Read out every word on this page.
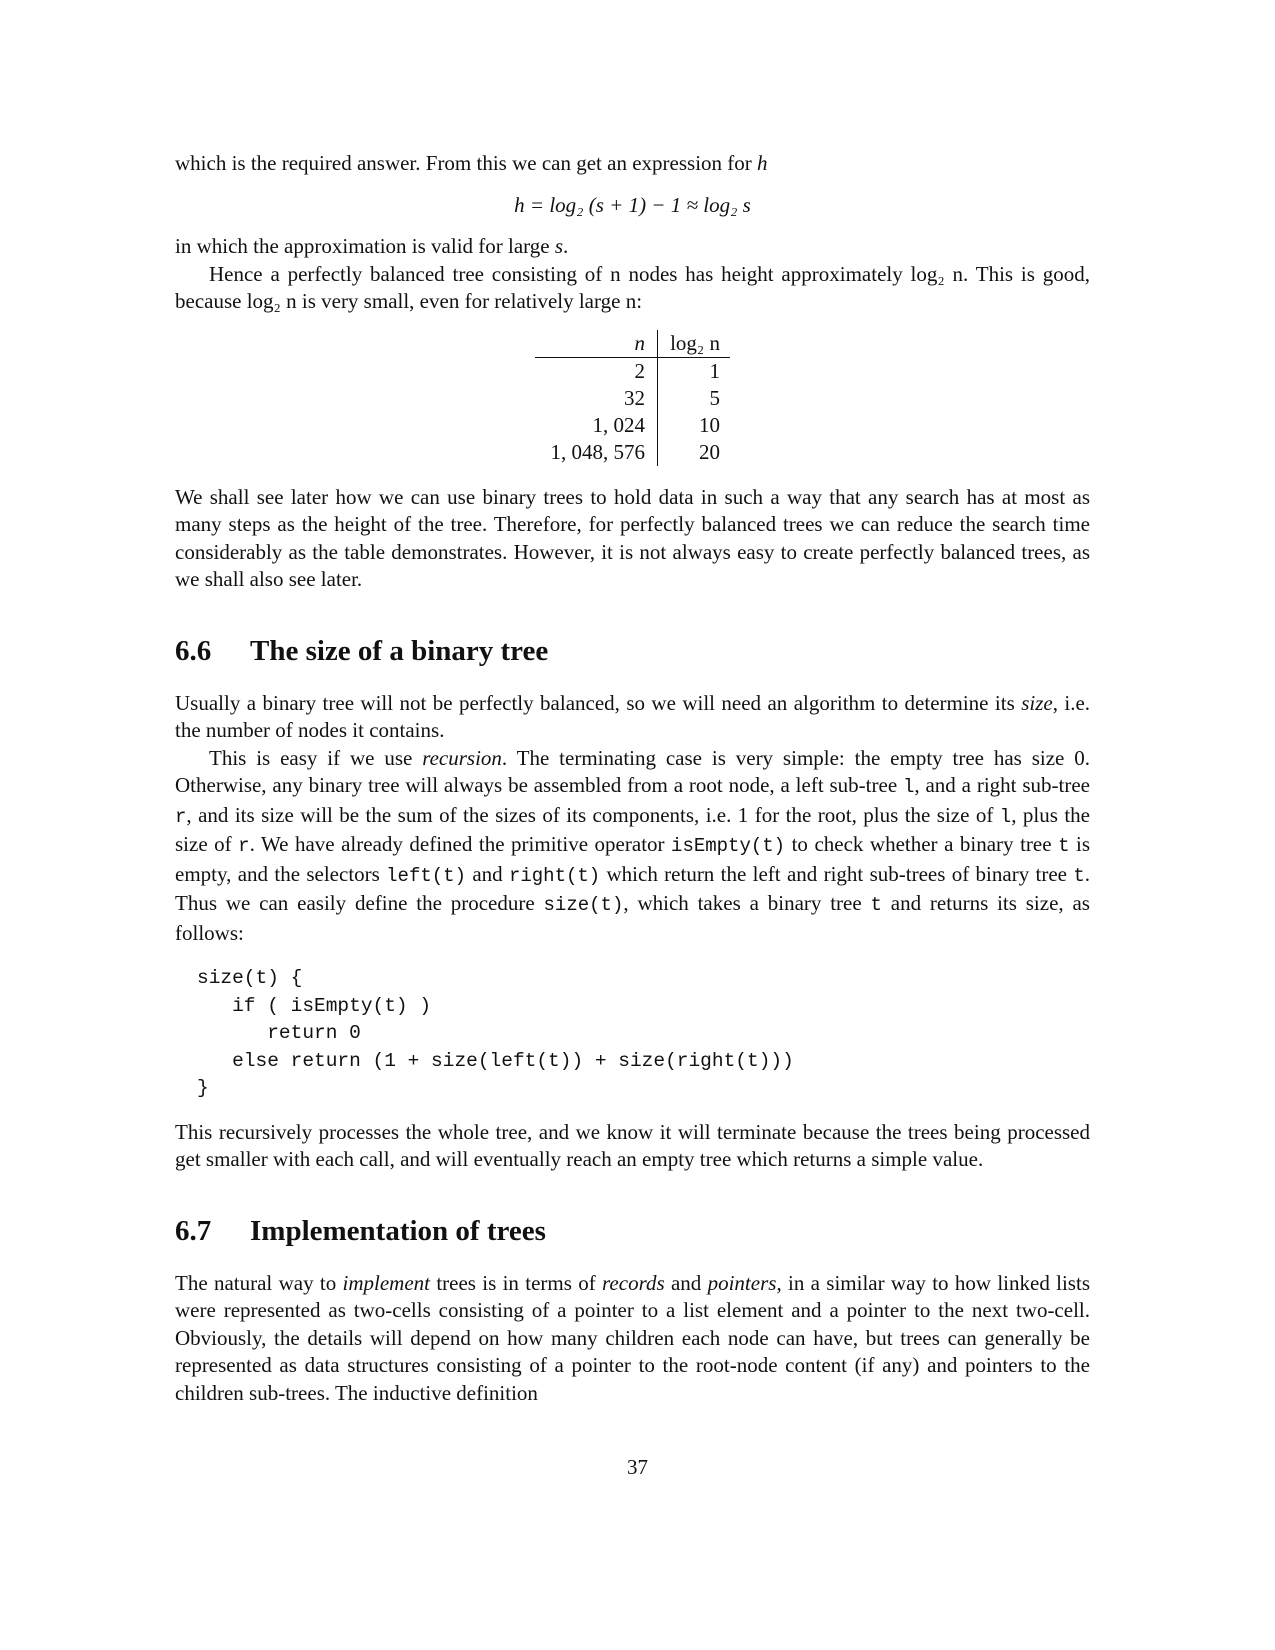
which is the required answer. From this we can get an expression for h

h = log₂ (s + 1) − 1 ≈ log₂ s

in which the approximation is valid for large s.

Hence a perfectly balanced tree consisting of n nodes has height approximately log₂ n. This is good, because log₂ n is very small, even for relatively large n:

n	log₂ n
2	1
32	5
1, 024	10
1, 048, 576	20

We shall see later how we can use binary trees to hold data in such a way that any search has at most as many steps as the height of the tree. Therefore, for perfectly balanced trees we can reduce the search time considerably as the table demonstrates. However, it is not always easy to create perfectly balanced trees, as we shall also see later.

6.6 The size of a binary tree

Usually a binary tree will not be perfectly balanced, so we will need an algorithm to determine its size, i.e. the number of nodes it contains.

This is easy if we use recursion. The terminating case is very simple: the empty tree has size 0. Otherwise, any binary tree will always be assembled from a root node, a left sub-tree l, and a right sub-tree r, and its size will be the sum of the sizes of its components, i.e. 1 for the root, plus the size of l, plus the size of r. We have already defined the primitive operator isEmpty(t) to check whether a binary tree t is empty, and the selectors left(t) and right(t) which return the left and right sub-trees of binary tree t. Thus we can easily define the procedure size(t), which takes a binary tree t and returns its size, as follows:

size(t) {
if ( isEmpty(t) )
return 0
else return (1 + size(left(t)) + size(right(t)))
}

This recursively processes the whole tree, and we know it will terminate because the trees being processed get smaller with each call, and will eventually reach an empty tree which returns a simple value.

6.7 Implementation of trees

The natural way to implement trees is in terms of records and pointers, in a similar way to how linked lists were represented as two-cells consisting of a pointer to a list element and a pointer to the next two-cell. Obviously, the details will depend on how many children each node can have, but trees can generally be represented as data structures consisting of a pointer to the root-node content (if any) and pointers to the children sub-trees. The inductive definition

37
